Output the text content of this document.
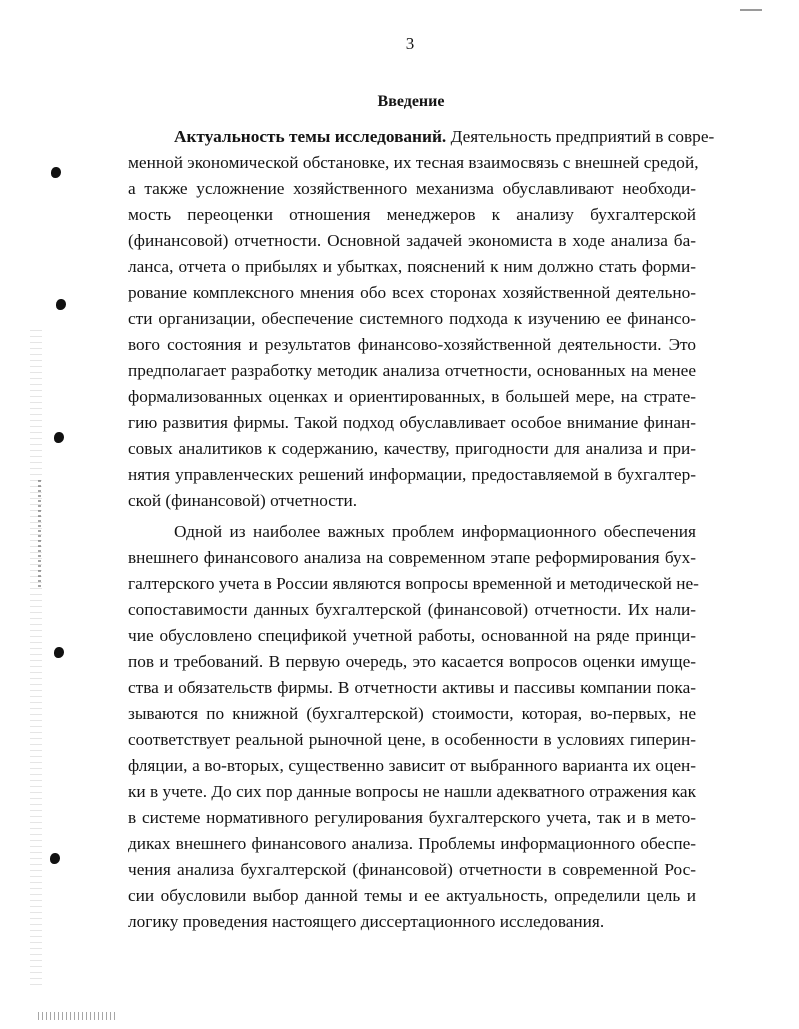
3
Введение
Актуальность темы исследований. Деятельность предприятий в совре-
менной экономической обстановке, их тесная взаимосвязь с внешней средой,
а также усложнение хозяйственного механизма обуславливают необходи-
мость переоценки отношения менеджеров к анализу бухгалтерской
(финансовой) отчетности. Основной задачей экономиста в ходе анализа ба-
ланса, отчета о прибылях и убытках, пояснений к ним должно стать форми-
рование комплексного мнения обо всех сторонах хозяйственной деятельно-
сти организации, обеспечение системного подхода к изучению ее финансо-
вого состояния и результатов финансово-хозяйственной деятельности. Это
предполагает разработку методик анализа отчетности, основанных на менее
формализованных оценках и ориентированных, в большей мере, на страте-
гию развития фирмы. Такой подход обуславливает особое внимание финан-
совых аналитиков к содержанию, качеству, пригодности для анализа и при-
нятия управленческих решений информации, предоставляемой в бухгалтер-
ской (финансовой) отчетности.
Одной из наиболее важных проблем информационного обеспечения
внешнего финансового анализа на современном этапе реформирования бух-
галтерского учета в России являются вопросы временной и методической не-
сопоставимости данных бухгалтерской (финансовой) отчетности. Их нали-
чие обусловлено спецификой учетной работы, основанной на ряде принци-
пов и требований. В первую очередь, это касается вопросов оценки имуще-
ства и обязательств фирмы. В отчетности активы и пассивы компании пока-
зываются по книжной (бухгалтерской) стоимости, которая, во-первых, не
соответствует реальной рыночной цене, в особенности в условиях гиперин-
фляции, а во-вторых, существенно зависит от выбранного варианта их оцен-
ки в учете. До сих пор данные вопросы не нашли адекватного отражения как
в системе нормативного регулирования бухгалтерского учета, так и в мето-
диках внешнего финансового анализа. Проблемы информационного обеспе-
чения анализа бухгалтерской (финансовой) отчетности в современной Рос-
сии обусловили выбор данной темы и ее актуальность, определили цель и
логику проведения настоящего диссертационного исследования.
